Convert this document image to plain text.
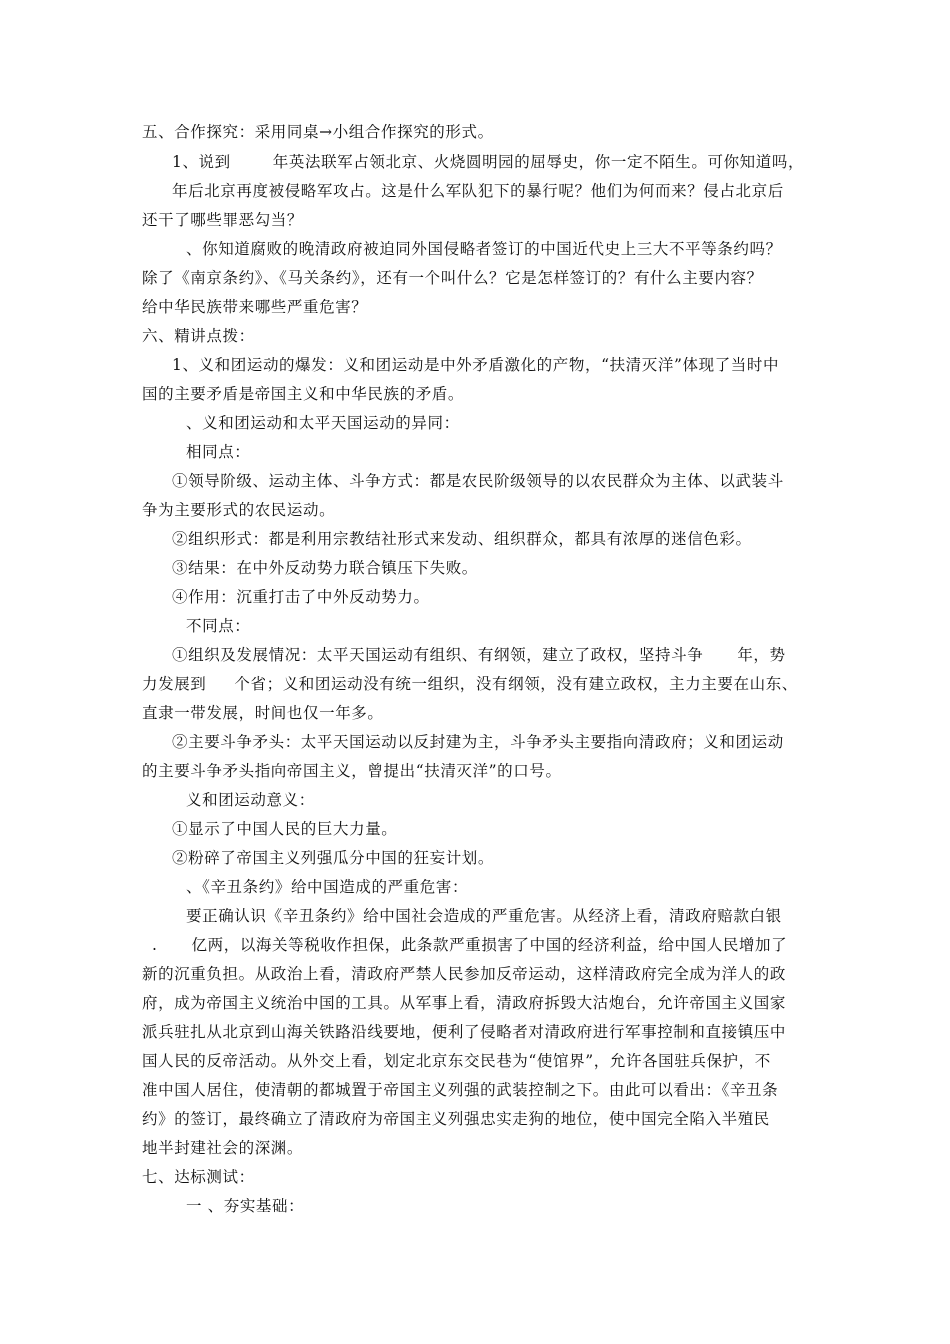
五、合作探究：采用同桌→小组合作探究的形式。
1、说到	年英法联军占领北京、火烧圆明园的屈辱史，你一定不陌生。可你知道吗，
年后北京再度被侵略军攻占。这是什么军队犯下的暴行呢？他们为何而来？侵占北京后
还干了哪些罪恶勾当？
、你知道腐败的晚清政府被迫同外国侵略者签订的中国近代史上三大不平等条约吗？
除了《南京条约》、《马关条约》，还有一个叫什么？它是怎样签订的？有什么主要内容？
给中华民族带来哪些严重危害？
六、精讲点拨：
1、义和团运动的爆发：义和团运动是中外矛盾激化的产物，“扶清灭洋”体现了当时中
国的主要矛盾是帝国主义和中华民族的矛盾。
、义和团运动和太平天国运动的异同：
相同点：
①领导阶级、运动主体、斗争方式：都是农民阶级领导的以农民群众为主体、以武装斗
争为主要形式的农民运动。
②组织形式：都是利用宗教结社形式来发动、组织群众，都具有浓厚的迷信色彩。
③结果：在中外反动势力联合镇压下失败。
④作用：沉重打击了中外反动势力。
不同点：
①组织及发展情况：太平天国运动有组织、有纲领，建立了政权，坚持斗争 年，势
力发展到 个省；义和团运动没有统一组织，没有纲领，没有建立政权，主力主要在山东、
直隶一带发展，时间也仅一年多。
②主要斗争矛头：太平天国运动以反封建为主，斗争矛头主要指向清政府；义和团运动
的主要斗争矛头指向帝国主义，曾提出“扶清灭洋”的口号。
义和团运动意义：
①显示了中国人民的巨大力量。
②粉碎了帝国主义列强瓜分中国的狂妄计划。
、《辛丑条约》给中国造成的严重危害：
要正确认识《辛丑条约》给中国社会造成的严重危害。从经济上看，清政府赔款白银
. 亿两，以海关等税收作担保，此条款严重损害了中国的经济利益，给中国人民增加了
新的沉重负担。从政治上看，清政府严禁人民参加反帝运动，这样清政府完全成为洋人的政
府，成为帝国主义统治中国的工具。从军事上看，清政府拆毁大沽炮台，允许帝国主义国家
派兵驻扎从北京到山海关铁路沿线要地，便利了侵略者对清政府进行军事控制和直接镇压中
国人民的反帝活动。从外交上看，划定北京东交民巷为“使馆界”，允许各国驻兵保护，不
准中国人居住，使清朝的都城置于帝国主义列强的武装控制之下。由此可以看出：《辛丑条
约》的签订，最终确立了清政府为帝国主义列强忠实走狗的地位，使中国完全陷入半殖民
地半封建社会的深渊。
七、达标测试：
一 、夯实基础：
